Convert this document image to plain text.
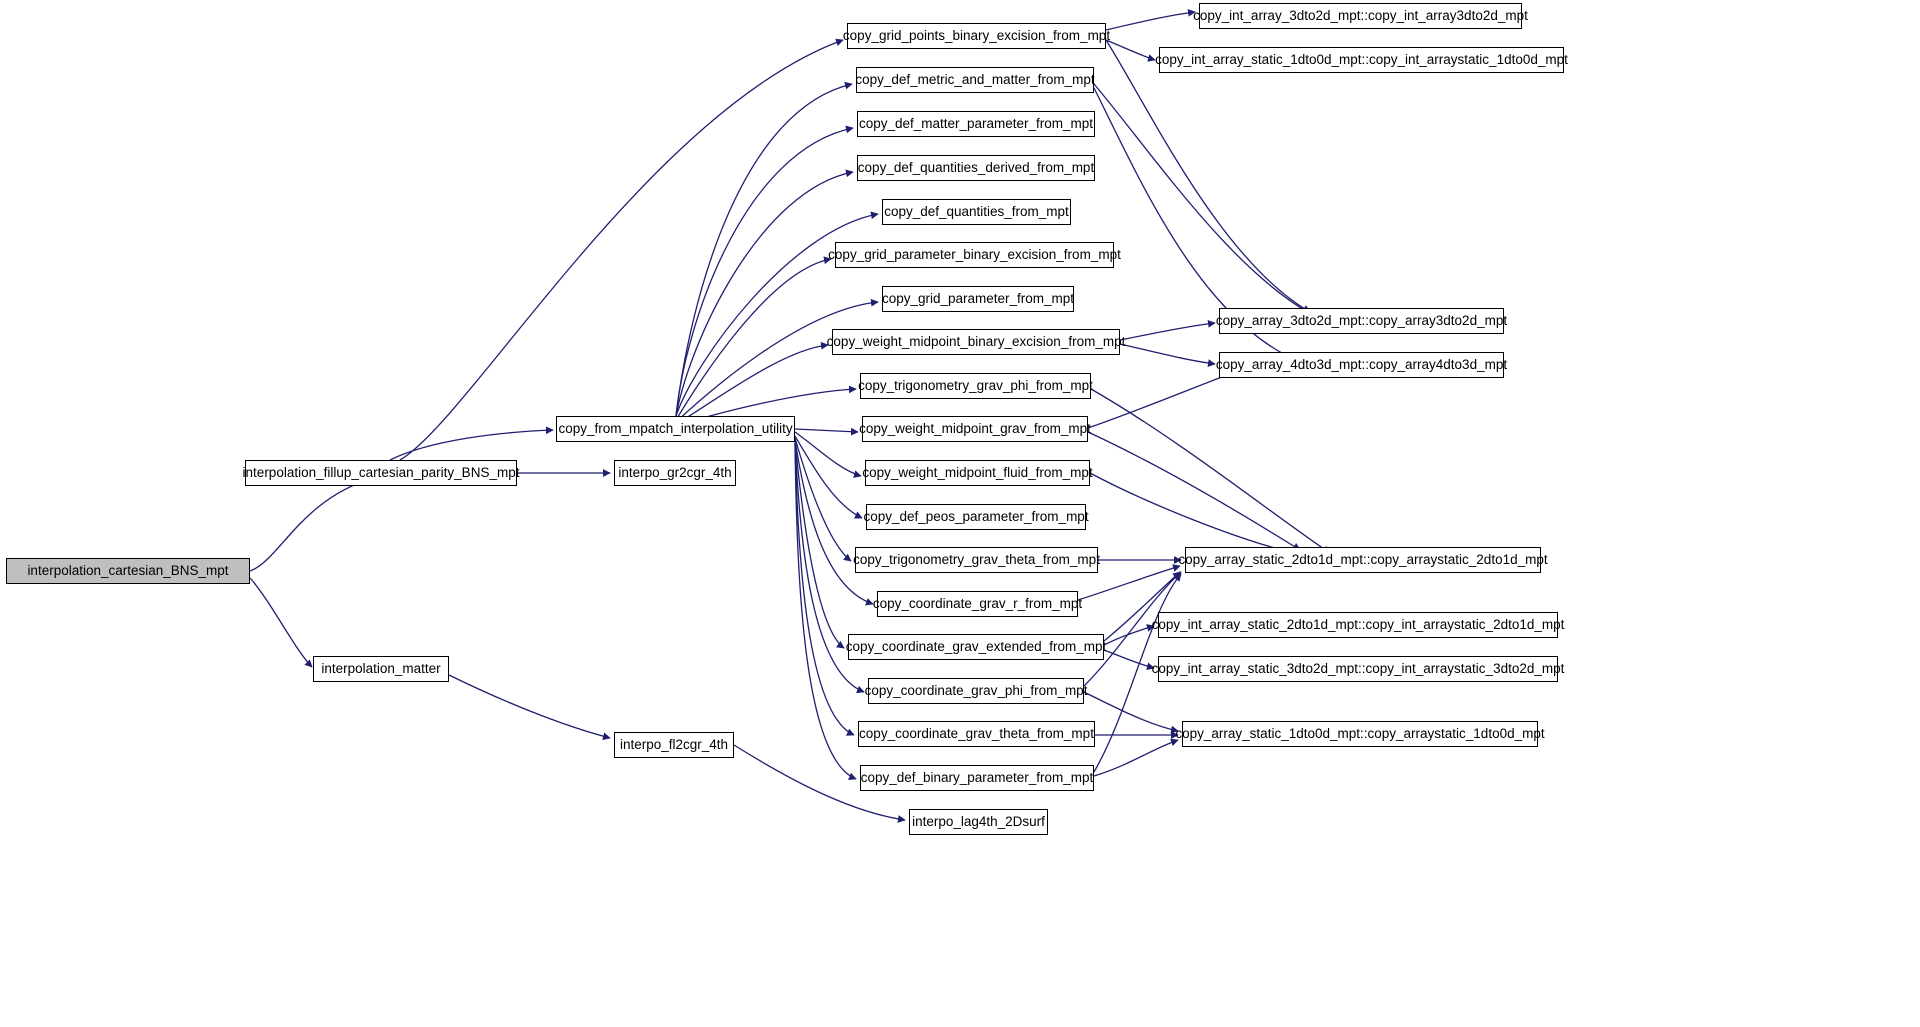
interpolation_cartesian_BNS_mpt
interpolation_fillup_cartesian_parity_BNS_mpt
interpolation_matter
interpo_gr2cgr_4th
interpo_fl2cgr_4th
copy_from_mpatch_interpolation_utility
copy_grid_points_binary_excision_from_mpt
copy_def_metric_and_matter_from_mpt
copy_def_matter_parameter_from_mpt
copy_def_quantities_derived_from_mpt
copy_def_quantities_from_mpt
copy_grid_parameter_binary_excision_from_mpt
copy_grid_parameter_from_mpt
copy_weight_midpoint_binary_excision_from_mpt
copy_trigonometry_grav_phi_from_mpt
copy_weight_midpoint_grav_from_mpt
copy_weight_midpoint_fluid_from_mpt
copy_def_peos_parameter_from_mpt
copy_trigonometry_grav_theta_from_mpt
copy_coordinate_grav_r_from_mpt
copy_coordinate_grav_extended_from_mpt
copy_coordinate_grav_phi_from_mpt
copy_coordinate_grav_theta_from_mpt
copy_def_binary_parameter_from_mpt
interpo_lag4th_2Dsurf
copy_int_array_3dto2d_mpt::copy_int_array3dto2d_mpt
copy_int_array_static_1dto0d_mpt::copy_int_arraystatic_1dto0d_mpt
copy_array_3dto2d_mpt::copy_array3dto2d_mpt
copy_array_4dto3d_mpt::copy_array4dto3d_mpt
copy_array_static_2dto1d_mpt::copy_arraystatic_2dto1d_mpt
copy_int_array_static_2dto1d_mpt::copy_int_arraystatic_2dto1d_mpt
copy_int_array_static_3dto2d_mpt::copy_int_arraystatic_3dto2d_mpt
copy_array_static_1dto0d_mpt::copy_arraystatic_1dto0d_mpt
